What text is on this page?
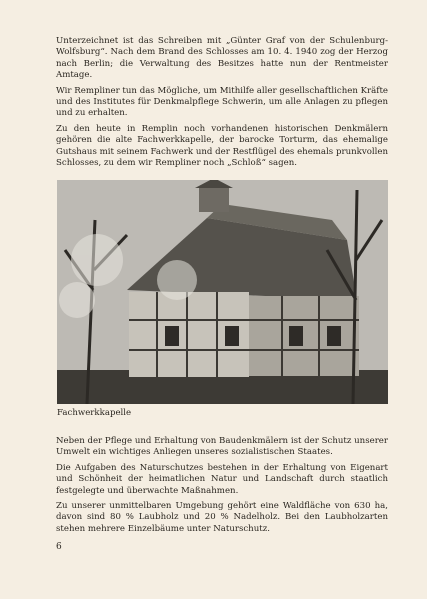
Unterzeichnet ist das Schreiben mit „Günter Graf von der Schulenburg-Wolfsburg“. Nach dem Brand des Schlosses am 10. 4. 1940 zog der Herzog nach Berlin; die Verwaltung des Besitzes hatte nun der Rentmeister Amtage.

Wir Rempliner tun das Mögliche, um Mithilfe aller gesellschaftlichen Kräfte und des Institutes für Denkmalpflege Schwerin, um alle Anlagen zu pflegen und zu erhalten.

Zu den heute in Remplin noch vorhandenen historischen Denkmälern gehören die alte Fachwerkkapelle, der barocke Torturm, das ehemalige Gutshaus mit seinem Fachwerk und der Restflügel des ehemals prunkvollen Schlosses, zu dem wir Rempliner noch „Schloß“ sagen.

Fachwerkkapelle

Neben der Pflege und Erhaltung von Baudenkmälern ist der Schutz unserer Umwelt ein wichtiges Anliegen unseres sozialistischen Staates.

Die Aufgaben des Naturschutzes bestehen in der Erhaltung von Eigenart und Schönheit der heimatlichen Natur und Landschaft durch staatlich festgelegte und überwachte Maßnahmen.

Zu unserer unmittelbaren Umgebung gehört eine Waldfläche von 630 ha, davon sind 80 % Laubholz und 20 % Nadelholz. Bei den Laubholzarten stehen mehrere Einzelbäume unter Naturschutz.

6
